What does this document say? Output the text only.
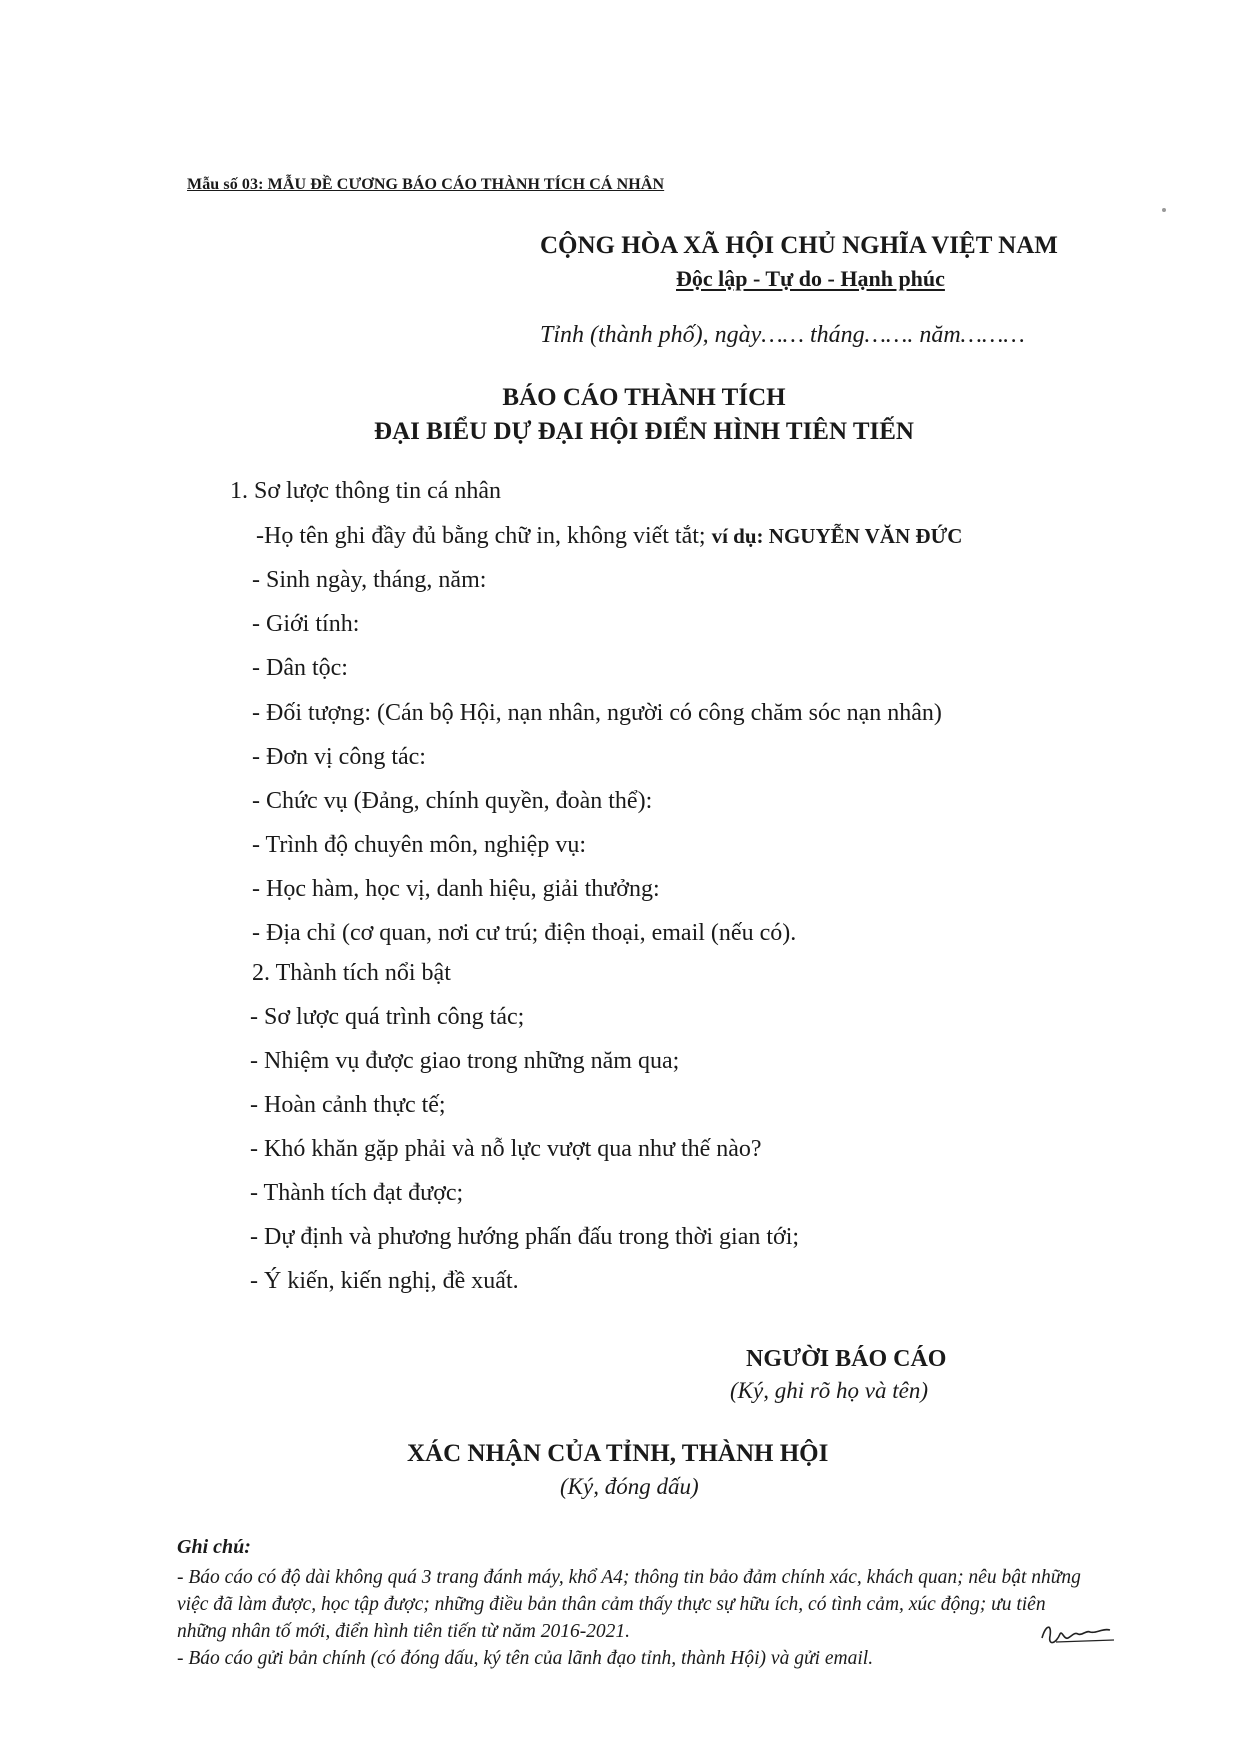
Mẫu số 03: MẪU ĐỀ CƯƠNG BÁO CÁO THÀNH TÍCH CÁ NHÂN
CỘNG HÒA XÃ HỘI CHỦ NGHĨA VIỆT NAM
Độc lập - Tự do - Hạnh phúc
Tỉnh (thành phố), ngày…… tháng……. năm………
BÁO CÁO THÀNH TÍCH
ĐẠI BIỂU DỰ ĐẠI HỘI ĐIỂN HÌNH TIÊN TIẾN
1. Sơ lược thông tin cá nhân
-Họ tên ghi đầy đủ bằng chữ in, không viết tắt; ví dụ: NGUYỄN VĂN ĐỨC
- Sinh ngày, tháng, năm:
- Giới tính:
- Dân tộc:
- Đối tượng: (Cán bộ Hội, nạn nhân, người có công chăm sóc nạn nhân)
- Đơn vị công tác:
- Chức vụ (Đảng, chính quyền, đoàn thể):
- Trình độ chuyên môn, nghiệp vụ:
- Học hàm, học vị, danh hiệu, giải thưởng:
- Địa chỉ (cơ quan, nơi cư trú; điện thoại, email (nếu có).
2. Thành tích nổi bật
- Sơ lược quá trình công tác;
- Nhiệm vụ được giao trong những năm qua;
- Hoàn cảnh thực tế;
- Khó khăn gặp phải và nỗ lực vượt qua như thế nào?
- Thành tích đạt được;
- Dự định và phương hướng phấn đấu trong thời gian tới;
- Ý kiến, kiến nghị, đề xuất.
NGƯỜI BÁO CÁO
(Ký, ghi rõ họ và tên)
XÁC NHẬN CỦA TỈNH, THÀNH HỘI
(Ký, đóng dấu)
Ghi chú:

- Báo cáo có độ dài không quá 3 trang đánh máy, khổ A4; thông tin bảo đảm chính xác, khách quan; nêu bật những việc đã làm được, học tập được; những điều bản thân cảm thấy thực sự hữu ích, có tình cảm, xúc động; ưu tiên những nhân tố mới, điển hình tiên tiến từ năm 2016-2021.

- Báo cáo gửi bản chính (có đóng dấu, ký tên của lãnh đạo tỉnh, thành Hội) và gửi email.
